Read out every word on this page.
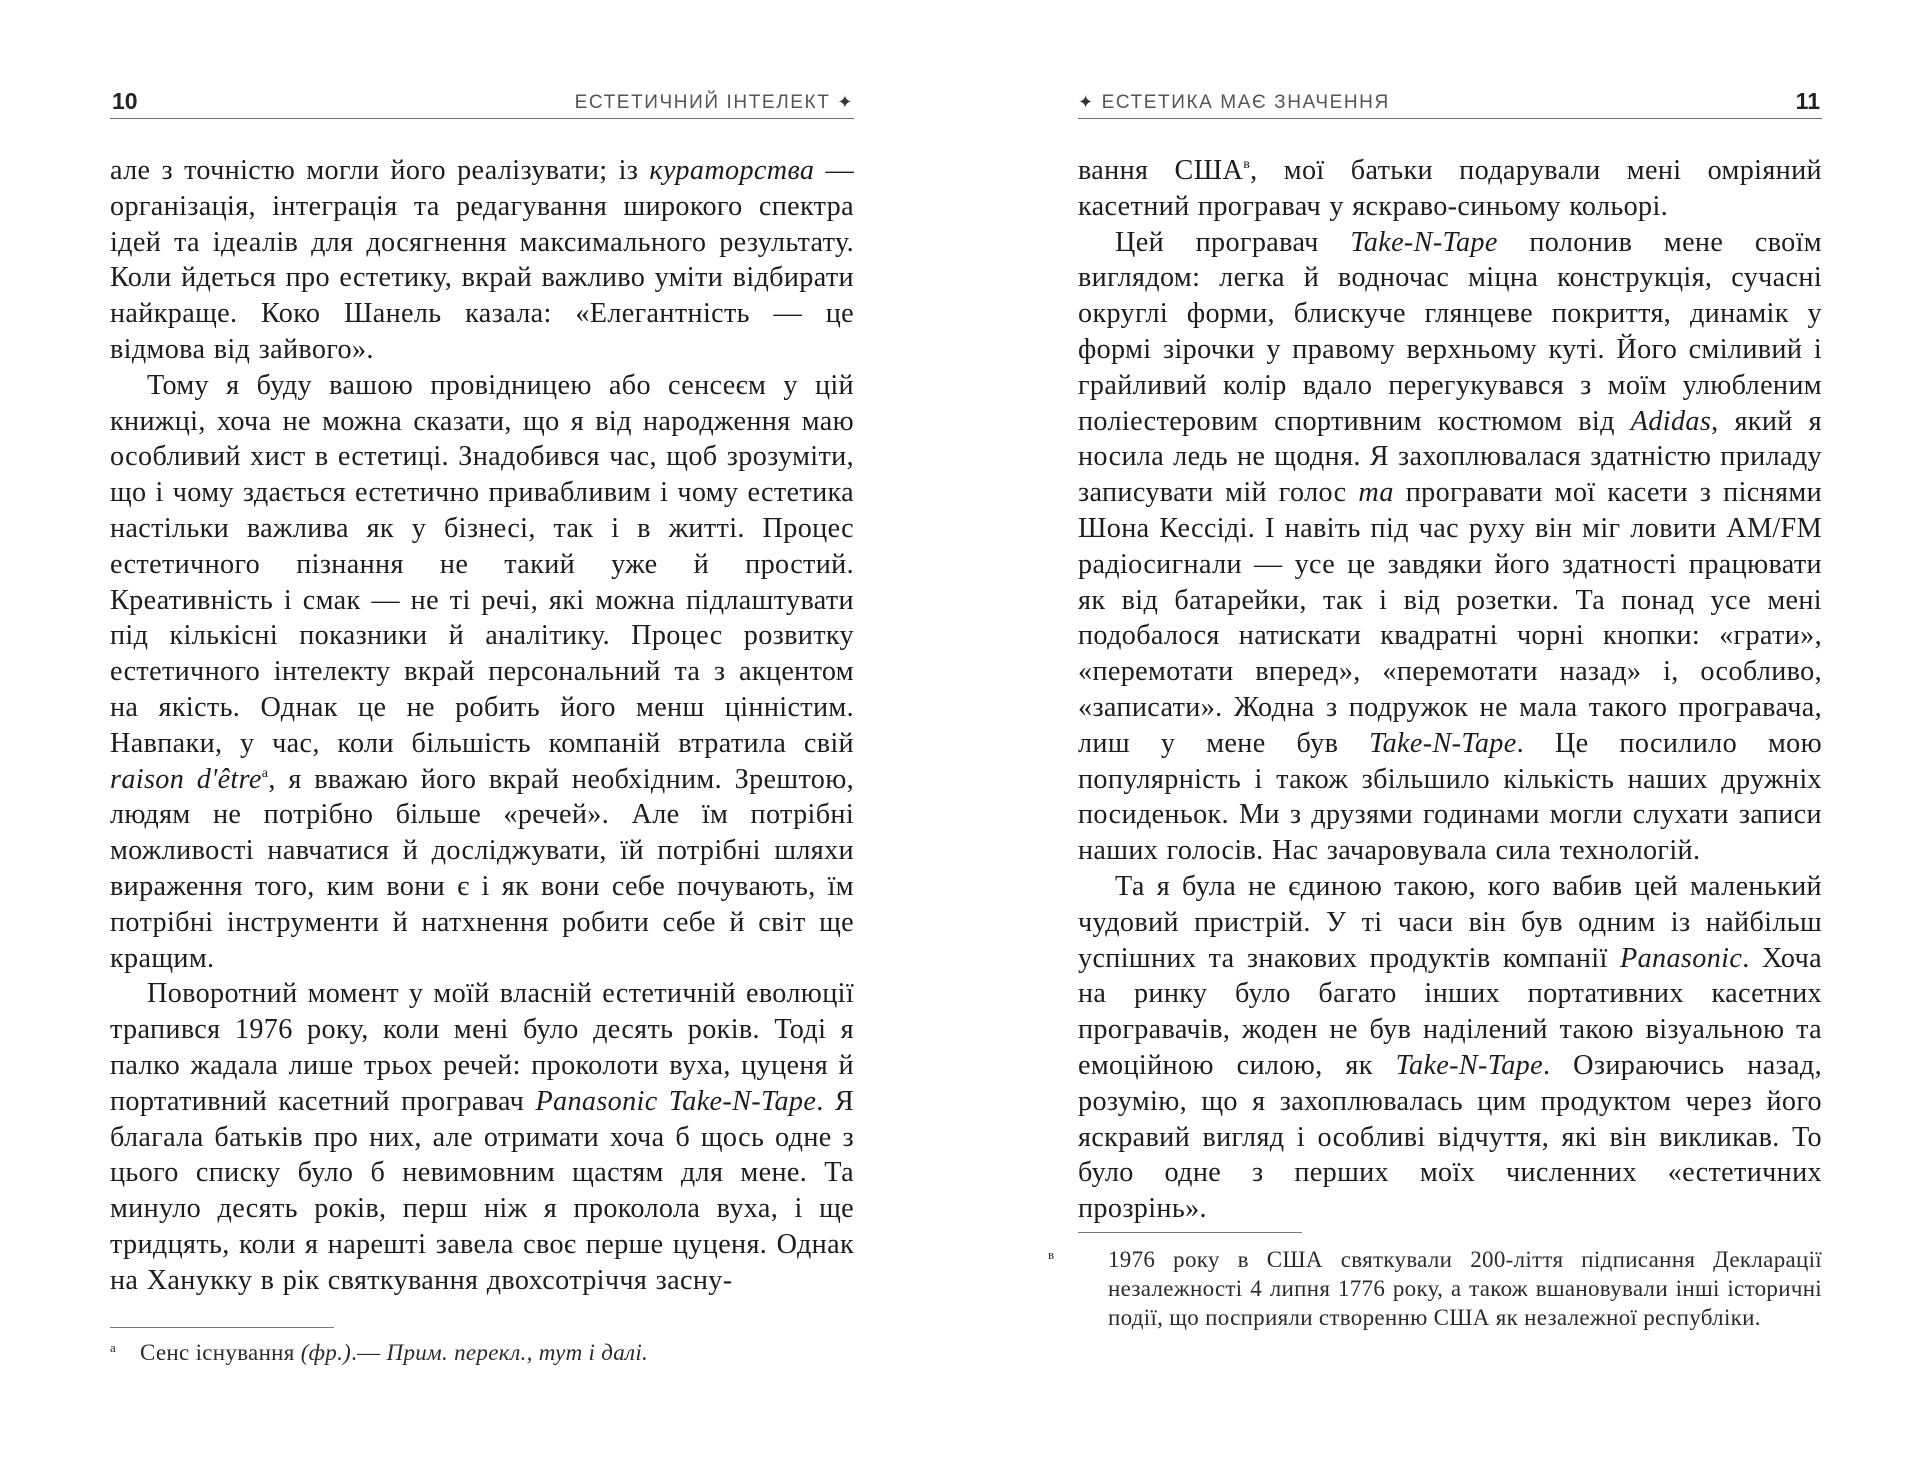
10	ЕСТЕТИЧНИЙ ІНТЕЛЕКТ ✦

але з точністю могли його реалізувати; із кураторства — організація, інтеграція та редагування широкого спектра ідей та ідеалів для досягнення максимального результату. Коли йдеться про естетику, вкрай важливо уміти відбирати найкраще. Коко Шанель казала: «Елегантність — це відмова від зайвого».

Тому я буду вашою провідницею або сенсеєм у цій книжці, хоча не можна сказати, що я від народження маю особливий хист в естетиці. Знадобився час, щоб зрозуміти, що і чому здається естетично привабливим і чому естетика настільки важлива як у бізнесі, так і в житті. Процес естетичного пізнання не такий уже й простий. Креативність і смак — не ті речі, які можна підлаштувати під кількісні показники й аналітику. Процес розвитку естетичного інтелекту вкрай персональний та з акцентом на якість. Однак це не робить його менш цінністим. Навпаки, у час, коли більшість компаній втратила свій raison d'être$^а$, я вважаю його вкрай необхідним. Зрештою, людям не потрібно більше «речей». Але їм потрібні можливості навчатися й досліджувати, їй потрібні шляхи вираження того, ким вони є і як вони себе почувають, їм потрібні інструменти й натхнення робити себе й світ ще кращим.

Поворотний момент у моїй власній естетичній еволюції трапився 1976 року, коли мені було десять років. Тоді я палко жадала лише трьох речей: проколоти вуха, цуценя й портативний касетний програвач Panasonic Take-N-Tape. Я благала батьків про них, але отримати хоча б щось одне з цього списку було б невимовним щастям для мене. Та минуло десять років, перш ніж я проколола вуха, і ще тридцять, коли я нарешті завела своє перше цуценя. Однак на Ханукку в рік святкування двохсотріччя засну-

а Сенс існування (фр.).— Прим. перекл., тут і далі.
✦ ЕСТЕТИКА МАЄ ЗНАЧЕННЯ	11

вання $США^в$, мої батьки подарували мені омріяний касетний програвач у яскраво-синьому кольорі.

Цей програвач Take-N-Tape полонив мене своїм виглядом: легка й водночас міцна конструкція, сучасні округлі форми, блискуче глянцеве покриття, динамік у формі зірочки у правому верхньому куті. Його сміливий і грайливий колір вдало перегукувався з моїм улюбленим поліестеровим спортивним костюмом від Adidas, який я носила ледь не щодня. Я захоплювалася здатністю приладу записувати мій голос та програвати мої касети з піснями Шона Кессіді. І навіть під час руху він міг ловити AM/FM радіосигнали — усе це завдяки його здатності працювати як від батарейки, так і від розетки. Та понад усе мені подобалося натискати квадратні чорні кнопки: «грати», «перемотати вперед», «перемотати назад» і, особливо, «записати». Жодна з подружок не мала такого програвача, лиш у мене був Take-N-Tape. Це посилило мою популярність і також збільшило кількість наших дружніх посиденьок. Ми з друзями годинами могли слухати записи наших голосів. Нас зачаровувала сила технологій.

Та я була не єдиною такою, кого вабив цей маленький чудовий пристрій. У ті часи він був одним із найбільш успішних та знакових продуктів компанії Panasonic. Хоча на ринку було багато інших портативних касетних програвачів, жоден не був наділений такою візуальною та емоційною силою, як Take-N-Tape. Озираючись назад, розумію, що я захоплювалась цим продуктом через його яскравий вигляд і особливі відчуття, які він викликав. То було одне з перших моїх численних «естетичних прозрінь».

в 1976 року в США святкували 200-ліття підписання Декларації незалежності 4 липня 1776 року, а також вшановували інші історичні події, що посприяли створенню США як незалежної республіки.
